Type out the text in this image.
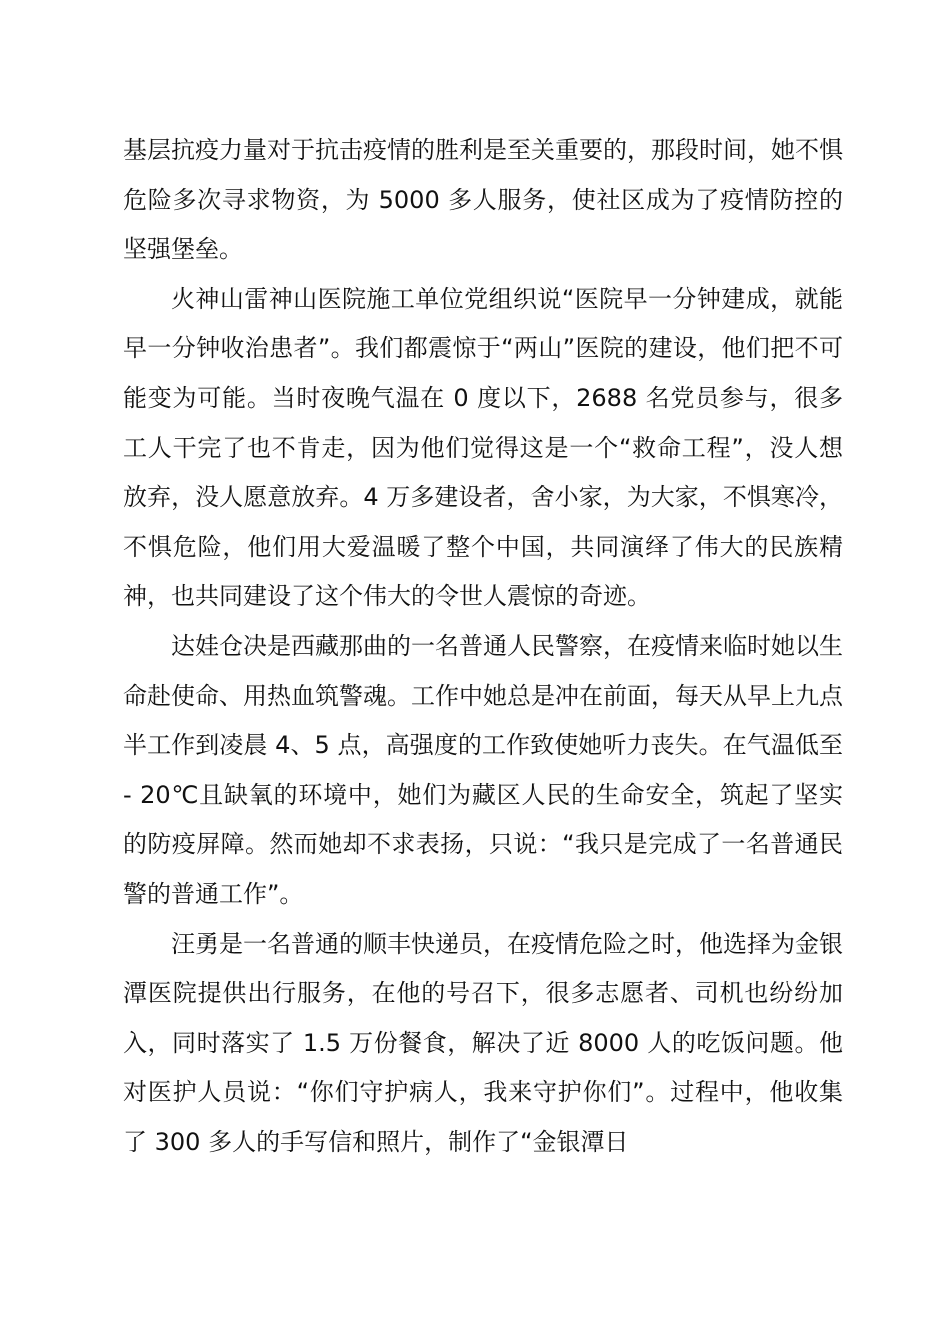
基层抗疫力量对于抗击疫情的胜利是至关重要的，那段时间，她不惧危险多次寻求物资，为 5000 多人服务，使社区成为了疫情防控的坚强堡垒。

火神山雷神山医院施工单位党组织说“医院早一分钟建成，就能早一分钟收治患者”。我们都震惊于“两山”医院的建设，他们把不可能变为可能。当时夜晚气温在 0 度以下，2688 名党员参与，很多工人干完了也不肯走，因为他们觉得这是一个“救命工程”，没人想放弃，没人愿意放弃。4 万多建设者，舍小家，为大家，不惧寒冷，不惧危险，他们用大爱温暖了整个中国，共同演绎了伟大的民族精神，也共同建设了这个伟大的令世人震惊的奇迹。

达娃仓决是西藏那曲的一名普通人民警察，在疫情来临时她以生命赴使命、用热血筑警魂。工作中她总是冲在前面，每天从早上九点半工作到凌晨 4、5 点，高强度的工作致使她听力丧失。在气温低至 - 20℃且缺氧的环境中，她们为藏区人民的生命安全，筑起了坚实的防疫屏障。然而她却不求表扬，只说：“我只是完成了一名普通民警的普通工作”。

汪勇是一名普通的顺丰快递员，在疫情危险之时，他选择为金银潭医院提供出行服务，在他的号召下，很多志愿者、司机也纷纷加入，同时落实了 1.5 万份餐食，解决了近 8000 人的吃饭问题。他对医护人员说：“你们守护病人，我来守护你们”。过程中，他收集了 300 多人的手写信和照片，制作了“金银潭日
